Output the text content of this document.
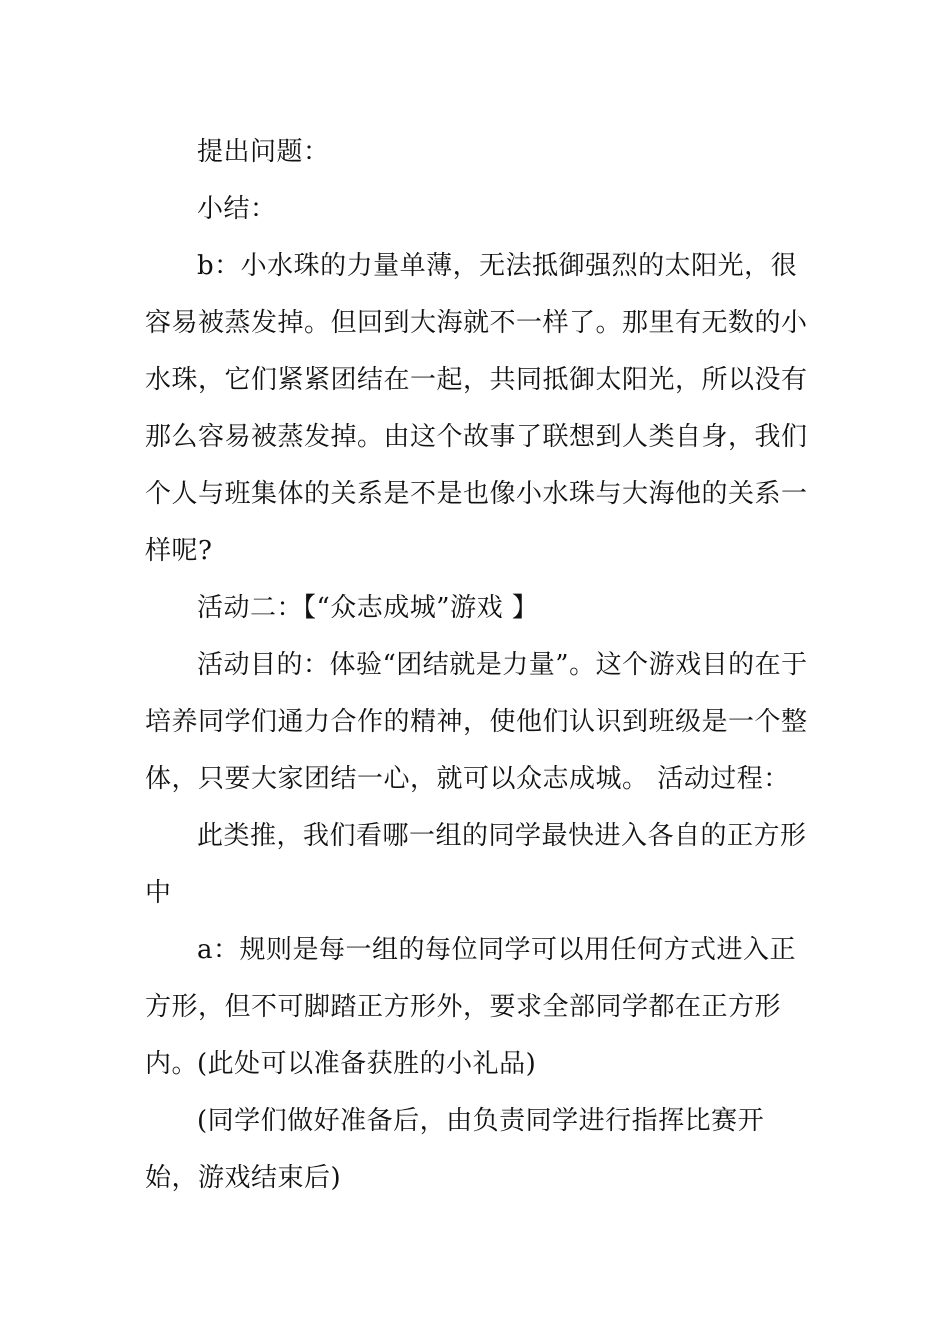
提出问题：

小结：

b：小水珠的力量单薄，无法抵御强烈的太阳光，很容易被蒸发掉。但回到大海就不一样了。那里有无数的小水珠，它们紧紧团结在一起，共同抵御太阳光，所以没有那么容易被蒸发掉。由这个故事了联想到人类自身，我们个人与班集体的关系是不是也像小水珠与大海他的关系一样呢?

活动二：【“众志成城”游戏 】

活动目的：体验“团结就是力量”。这个游戏目的在于培养同学们通力合作的精神，使他们认识到班级是一个整体，只要大家团结一心，就可以众志成城。 活动过程：

此类推，我们看哪一组的同学最快进入各自的正方形中

a：规则是每一组的每位同学可以用任何方式进入正方形，但不可脚踏正方形外，要求全部同学都在正方形内。

(此处可以准备获胜的小礼品)

(同学们做好准备后，由负责同学进行指挥比赛开始，游戏结束后)
